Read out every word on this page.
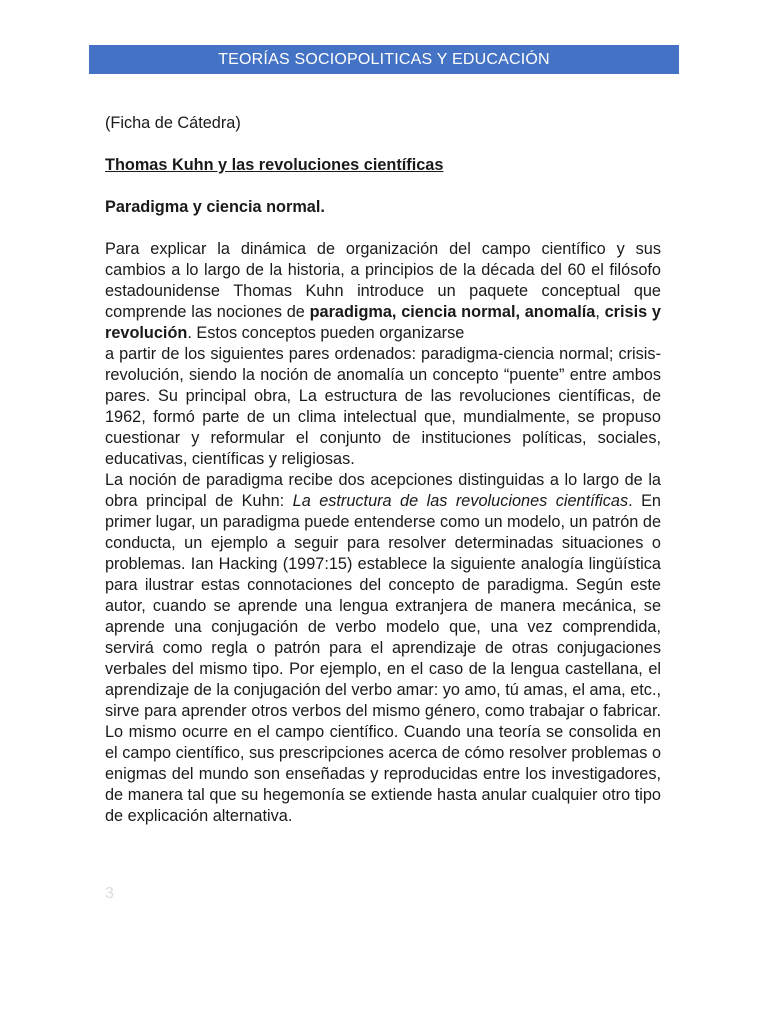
TEORÍAS SOCIOPOLITICAS Y EDUCACIÓN

(Ficha de Cátedra)

Thomas Kuhn y las revoluciones científicas

Paradigma y ciencia normal.

Para explicar la dinámica de organización del campo científico y sus cambios a lo largo de la historia, a principios de la década del 60 el filósofo estadounidense Thomas Kuhn introduce un paquete conceptual que comprende las nociones de paradigma, ciencia normal, anomalía, crisis y revolución. Estos conceptos pueden organizarse

a partir de los siguientes pares ordenados: paradigma-ciencia normal; crisis-revolución, siendo la noción de anomalía un concepto “puente” entre ambos pares. Su principal obra, La estructura de las revoluciones científicas, de 1962, formó parte de un clima intelectual que, mundialmente, se propuso cuestionar y reformular el conjunto de instituciones políticas, sociales, educativas, científicas y religiosas.

La noción de paradigma recibe dos acepciones distinguidas a lo largo de la obra principal de Kuhn: La estructura de las revoluciones científicas. En primer lugar, un paradigma puede entenderse como un modelo, un patrón de conducta, un ejemplo a seguir para resolver determinadas situaciones o problemas. Ian Hacking (1997:15) establece la siguiente analogía lingüística para ilustrar estas connotaciones del concepto de paradigma. Según este autor, cuando se aprende una lengua extranjera de manera mecánica, se aprende una conjugación de verbo modelo que, una vez comprendida, servirá como regla o patrón para el aprendizaje de otras conjugaciones verbales del mismo tipo. Por ejemplo, en el caso de la lengua castellana, el aprendizaje de la conjugación del verbo amar: yo amo, tú amas, el ama, etc., sirve para aprender otros verbos del mismo género, como trabajar o fabricar. Lo mismo ocurre en el campo científico. Cuando una teoría se consolida en el campo científico, sus prescripciones acerca de cómo resolver problemas o enigmas del mundo son enseñadas y reproducidas entre los investigadores, de manera tal que su hegemonía se extiende hasta anular cualquier otro tipo de explicación alternativa.

3
